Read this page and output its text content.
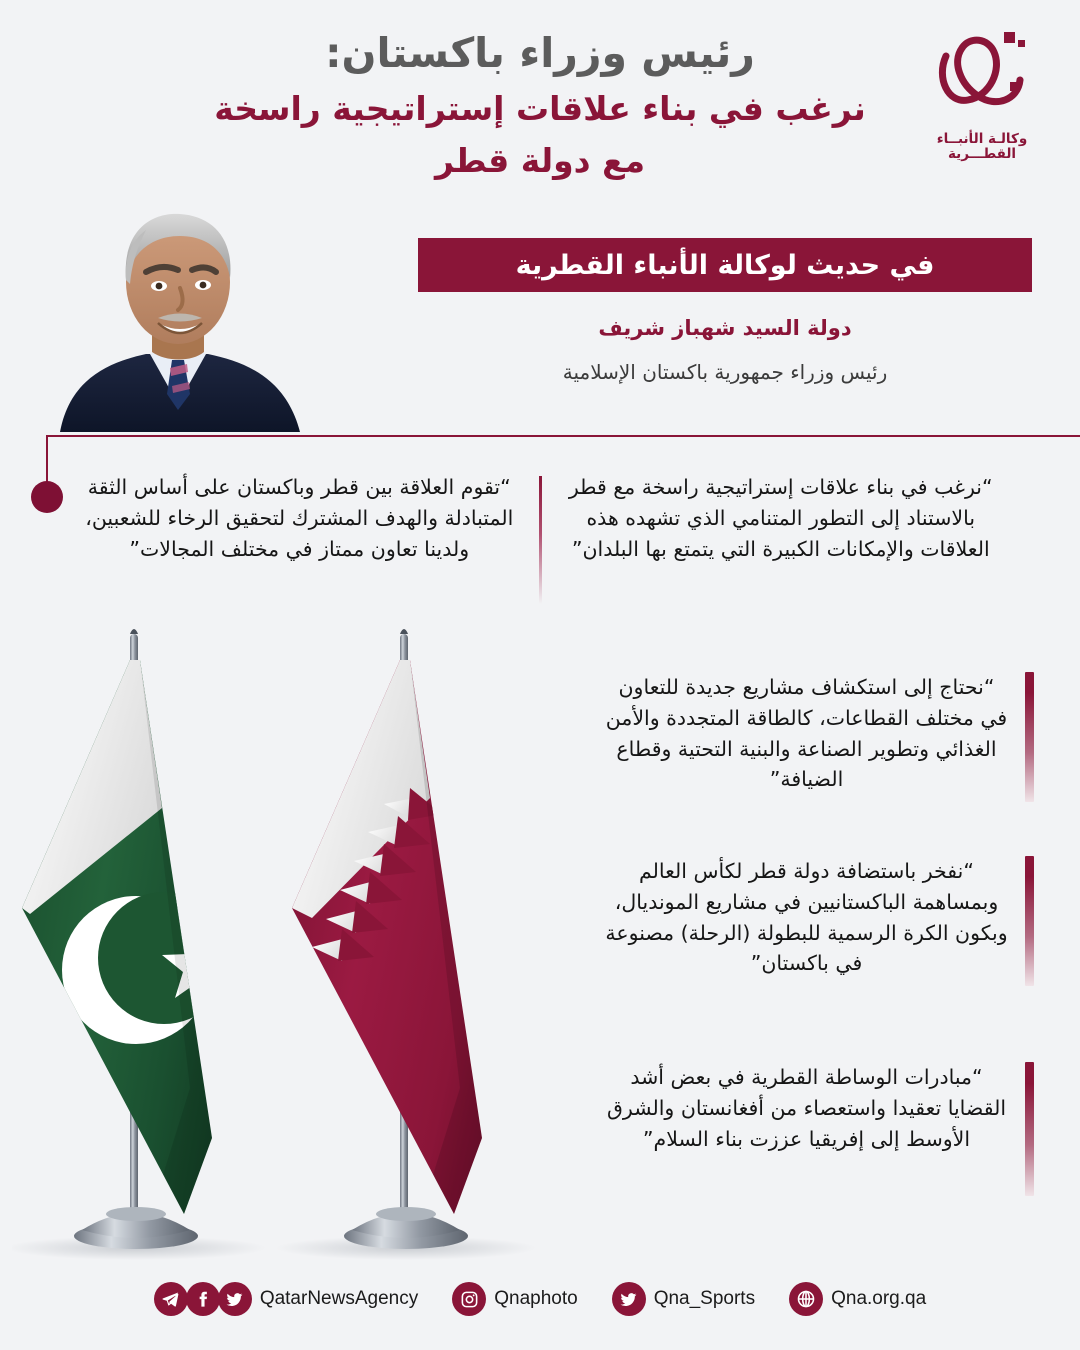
وكالـة الأنبــاء
القطـــرية
رئيس وزراء باكستان:
نرغب في بناء علاقات إستراتيجية راسخة
مع دولة قطر
في حديث لوكالة الأنباء القطرية
دولة السيد شهباز شريف
رئيس وزراء جمهورية باكستان الإسلامية
“نرغب في بناء علاقات إستراتيجية راسخة مع قطر بالاستناد إلى التطور المتنامي الذي تشهده هذه العلاقات والإمكانات الكبيرة التي يتمتع بها البلدان”
“تقوم العلاقة بين قطر وباكستان على أساس الثقة المتبادلة والهدف المشترك لتحقيق الرخاء للشعبين، ولدينا تعاون ممتاز في مختلف المجالات”
“نحتاج إلى استكشاف مشاريع جديدة للتعاون في مختلف القطاعات، كالطاقة المتجددة والأمن الغذائي وتطوير الصناعة والبنية التحتية وقطاع الضيافة”
“نفخر باستضافة دولة قطر لكأس العالم وبمساهمة الباكستانيين في مشاريع المونديال، وبكون الكرة الرسمية للبطولة (الرحلة) مصنوعة في باكستان”
“مبادرات الوساطة القطرية في بعض أشد القضايا تعقيدا واستعصاء من أفغانستان والشرق الأوسط إلى إفريقيا عززت بناء السلام”
QatarNewsAgency	Qnaphoto	Qna_Sports	Qna.org.qa
